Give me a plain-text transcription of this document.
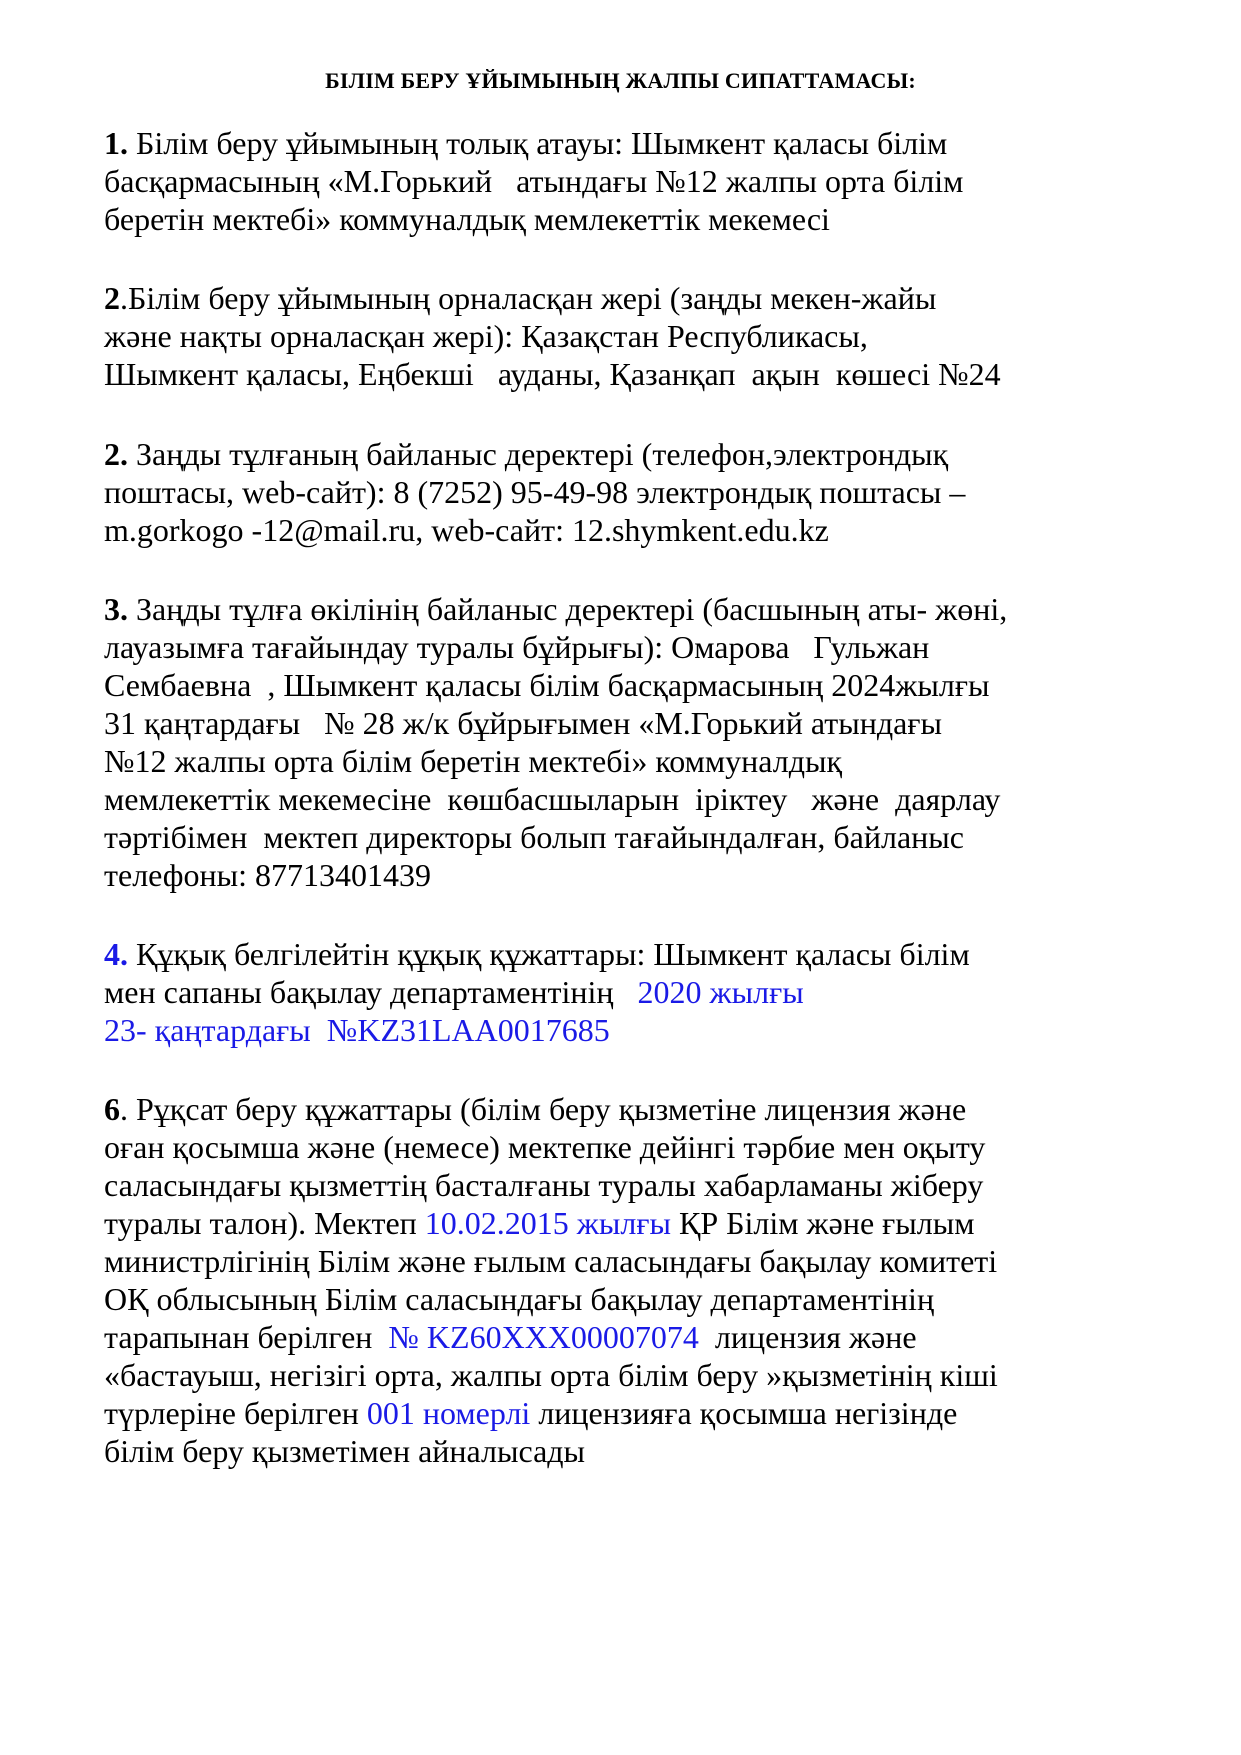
БІЛІМ БЕРУ ҰЙЫМЫНЫҢ ЖАЛПЫ СИПАТТАМАСЫ:
1. Білім беру ұйымының толық атауы: Шымкент қаласы білім
басқармасының «М.Горький   атындағы №12 жалпы орта білім
беретін мектебі» коммуналдық мемлекеттік мекемесі
2.Білім беру ұйымының орналасқан жері (заңды мекен-жайы
және нақты орналасқан жері): Қазақстан Республикасы,
Шымкент қаласы, Еңбекші   ауданы, Қазанқап  ақын  көшесі №24
2. Заңды тұлғаның байланыс деректері (телефон,электрондық
поштасы, web-сайт): 8 (7252) 95-49-98 электрондық поштасы –
m.gorkogo -12@mail.ru, web-сайт: 12.shymkent.edu.kz
3. Заңды тұлға өкілінің байланыс деректері (басшының аты- жөні,
лауазымға тағайындау туралы бұйрығы): Омарова   Гульжан
Сембаевна  , Шымкент қаласы білім басқармасының 2024жылғы
31 қаңтардағы   № 28 ж/к бұйрығымен «М.Горький атындағы
№12 жалпы орта білім беретін мектебі» коммуналдық
мемлекеттік мекемесіне  көшбасшыларын  іріктеу   және  даярлау
тәртібімен  мектеп директоры болып тағайындалған, байланыс
телефоны: 87713401439
4. Құқық белгілейтін құқық құжаттары: Шымкент қаласы білім
мен сапаны бақылау департаментінің   2020 жылғы
23- қаңтардағы  №KZ31LAA0017685
6. Рұқсат беру құжаттары (білім беру қызметіне лицензия және
оған қосымша және (немесе) мектепке дейінгі тәрбие мен оқыту
саласындағы қызметтің басталғаны туралы хабарламаны жіберу
туралы талон). Мектеп 10.02.2015 жылғы ҚР Білім және ғылым
министрлігінің Білім және ғылым саласындағы бақылау комитеті
ОҚ облысының Білім саласындағы бақылау департаментінің
тарапынан берілген  № KZ60XXX00007074  лицензия және
«бастауыш, негізігі орта, жалпы орта білім беру »қызметінің кіші
түрлеріне берілген 001 номерлі лицензияға қосымша негізінде
білім беру қызметімен айналысады
